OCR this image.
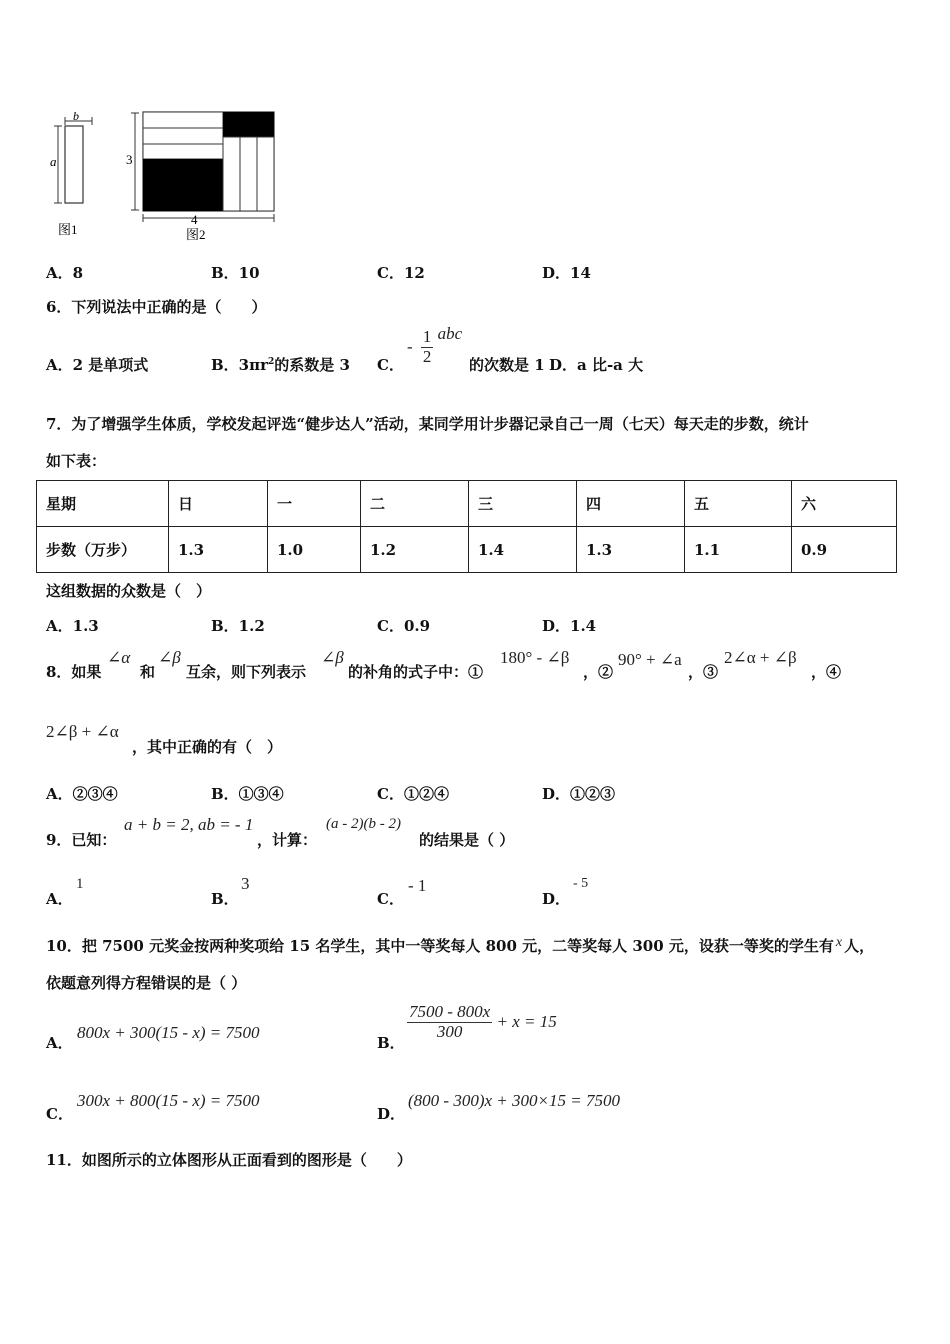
b
a
图1
3
4
图2
A．8	B．10	C．12	D．14
6．下列说法中正确的是（　　）
A．2 是单项式	B．$3\pi r^2$的系数是 3 C．
- $\frac{1}{2}$ abc
的次数是 1 D．a 比-a 大
7．为了增强学生体质，学校发起评选“健步达人”活动，某同学用计步器记录自己一周（七天）每天走的步数，统计
如下表：
星期	日	一	二	三	四	五	六
步数（万步）	1.3	1.0	1.2	1.4	1.3	1.1	0.9
这组数据的众数是（　）
A．1.3	B．1.2	C．0.9	D．1.4
8．如果
∠α
和
∠β
互余，则下列表示
∠β
的补角的式子中：①
180° - ∠β
，②
90° + ∠a
，③
2∠α + ∠β
，④
2∠β + ∠α
，其中正确的有（　）
A．②③④	B．①③④	C．①②④	D．①②③
9．已知：
a + b = 2, ab = - 1
，计算：
(a - 2)(b - 2)
的结果是（ ）
A．
1
B．
3
C．
- 1
D．
- 5
10．把 7500 元奖金按两种奖项给 15 名学生，其中一等奖每人 800 元，二等奖每人 300 元，设获一等奖的学生有 x 人，
依题意列得方程错误的是（ ）
A．
800x + 300(15 - x) = 7500
B．
$\frac{7500 - 800x}{300} + x = 15$
C．
300x + 800(15 - x) = 7500
D．
(800 - 300)x + 300×15 = 7500
11．如图所示的立体图形从正面看到的图形是（　　）
